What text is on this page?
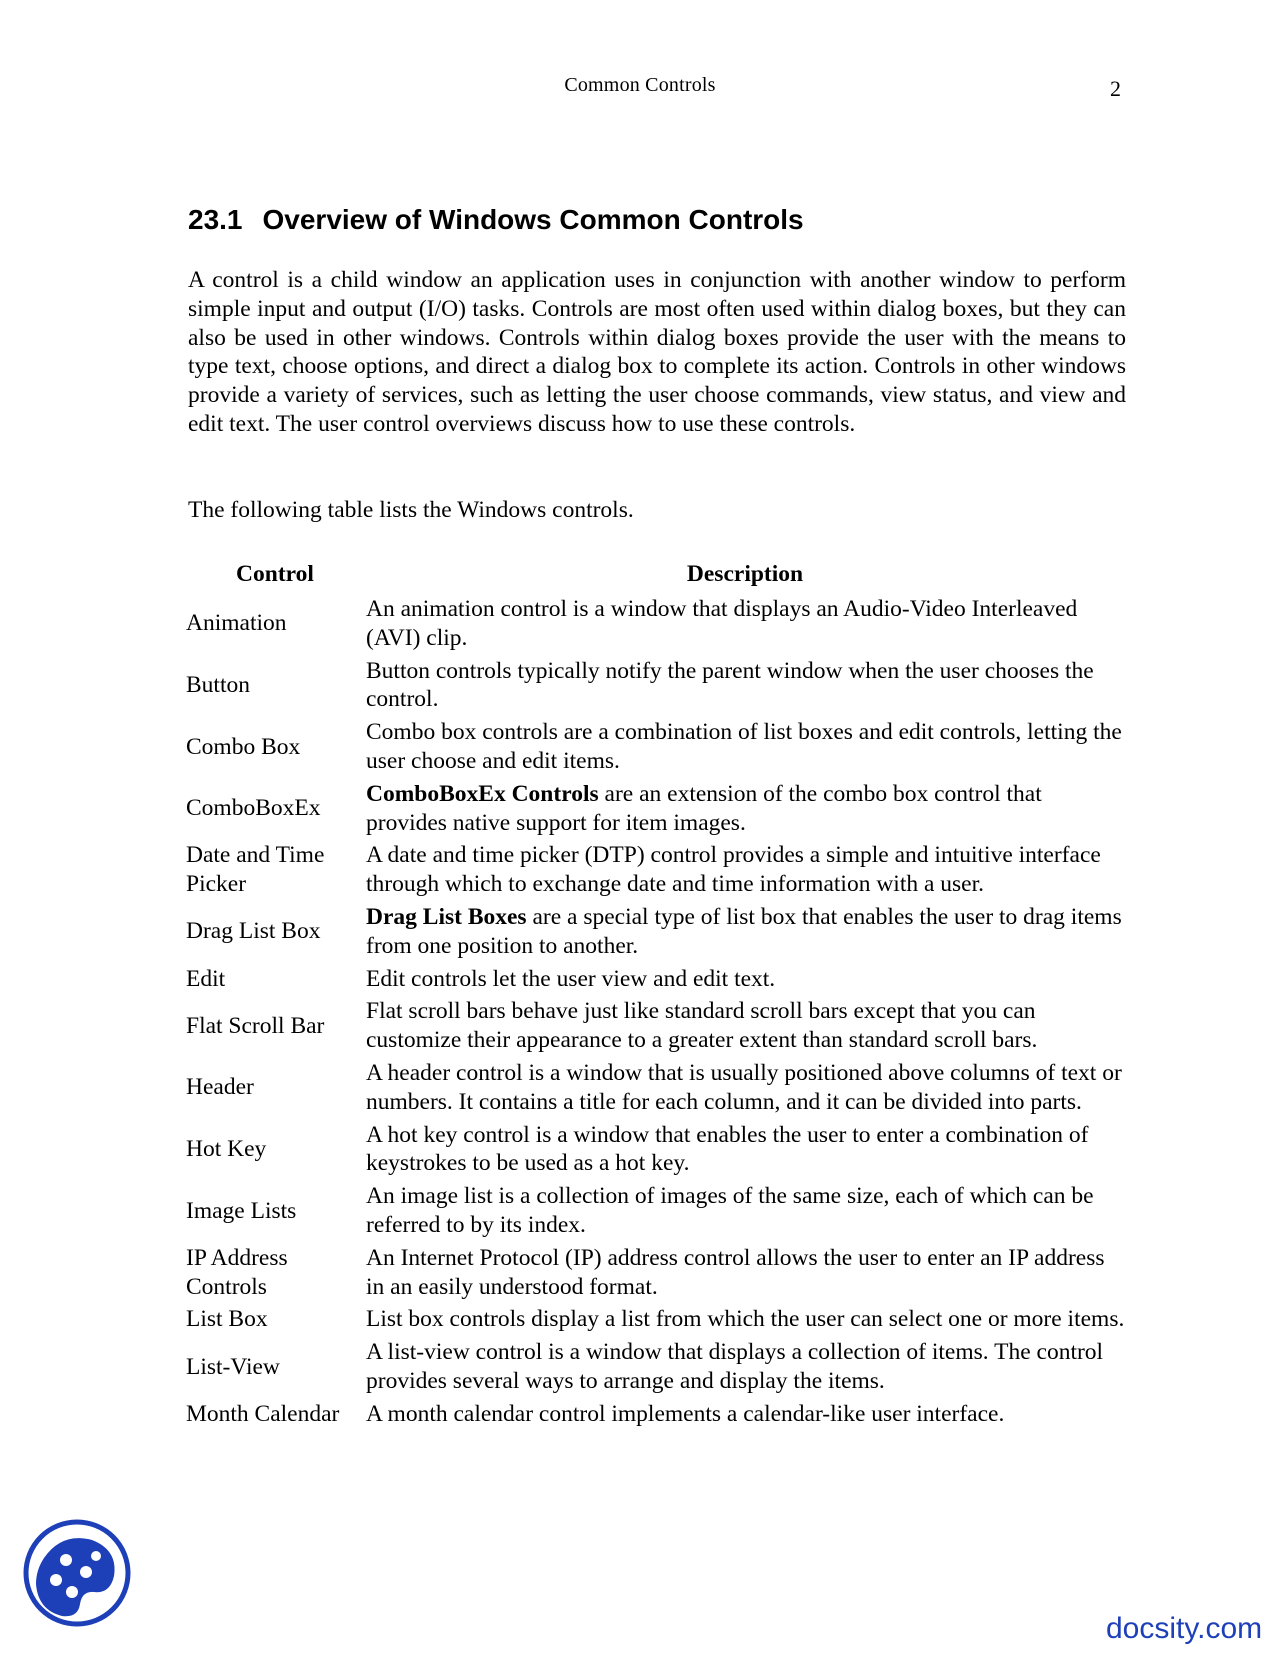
Common Controls	2
23.1 Overview of Windows Common Controls

A control is a child window an application uses in conjunction with another window to perform simple input and output (I/O) tasks. Controls are most often used within dialog boxes, but they can also be used in other windows. Controls within dialog boxes provide the user with the means to type text, choose options, and direct a dialog box to complete its action. Controls in other windows provide a variety of services, such as letting the user choose commands, view status, and view and edit text. The user control overviews discuss how to use these controls.

The following table lists the Windows controls.

Control	Description
Animation	An animation control is a window that displays an Audio-Video Interleaved (AVI) clip.
Button	Button controls typically notify the parent window when the user chooses the control.
Combo Box	Combo box controls are a combination of list boxes and edit controls, letting the user choose and edit items.
ComboBoxEx	ComboBoxEx Controls are an extension of the combo box control that provides native support for item images.
Date and Time Picker	A date and time picker (DTP) control provides a simple and intuitive interface through which to exchange date and time information with a user.
Drag List Box	Drag List Boxes are a special type of list box that enables the user to drag items from one position to another.
Edit	Edit controls let the user view and edit text.
Flat Scroll Bar	Flat scroll bars behave just like standard scroll bars except that you can customize their appearance to a greater extent than standard scroll bars.
Header	A header control is a window that is usually positioned above columns of text or numbers. It contains a title for each column, and it can be divided into parts.
Hot Key	A hot key control is a window that enables the user to enter a combination of keystrokes to be used as a hot key.
Image Lists	An image list is a collection of images of the same size, each of which can be referred to by its index.
IP Address Controls	An Internet Protocol (IP) address control allows the user to enter an IP address in an easily understood format.
List Box	List box controls display a list from which the user can select one or more items.
List-View	A list-view control is a window that displays a collection of items. The control provides several ways to arrange and display the items.
Month Calendar	A month calendar control implements a calendar-like user interface.
docsity.com
